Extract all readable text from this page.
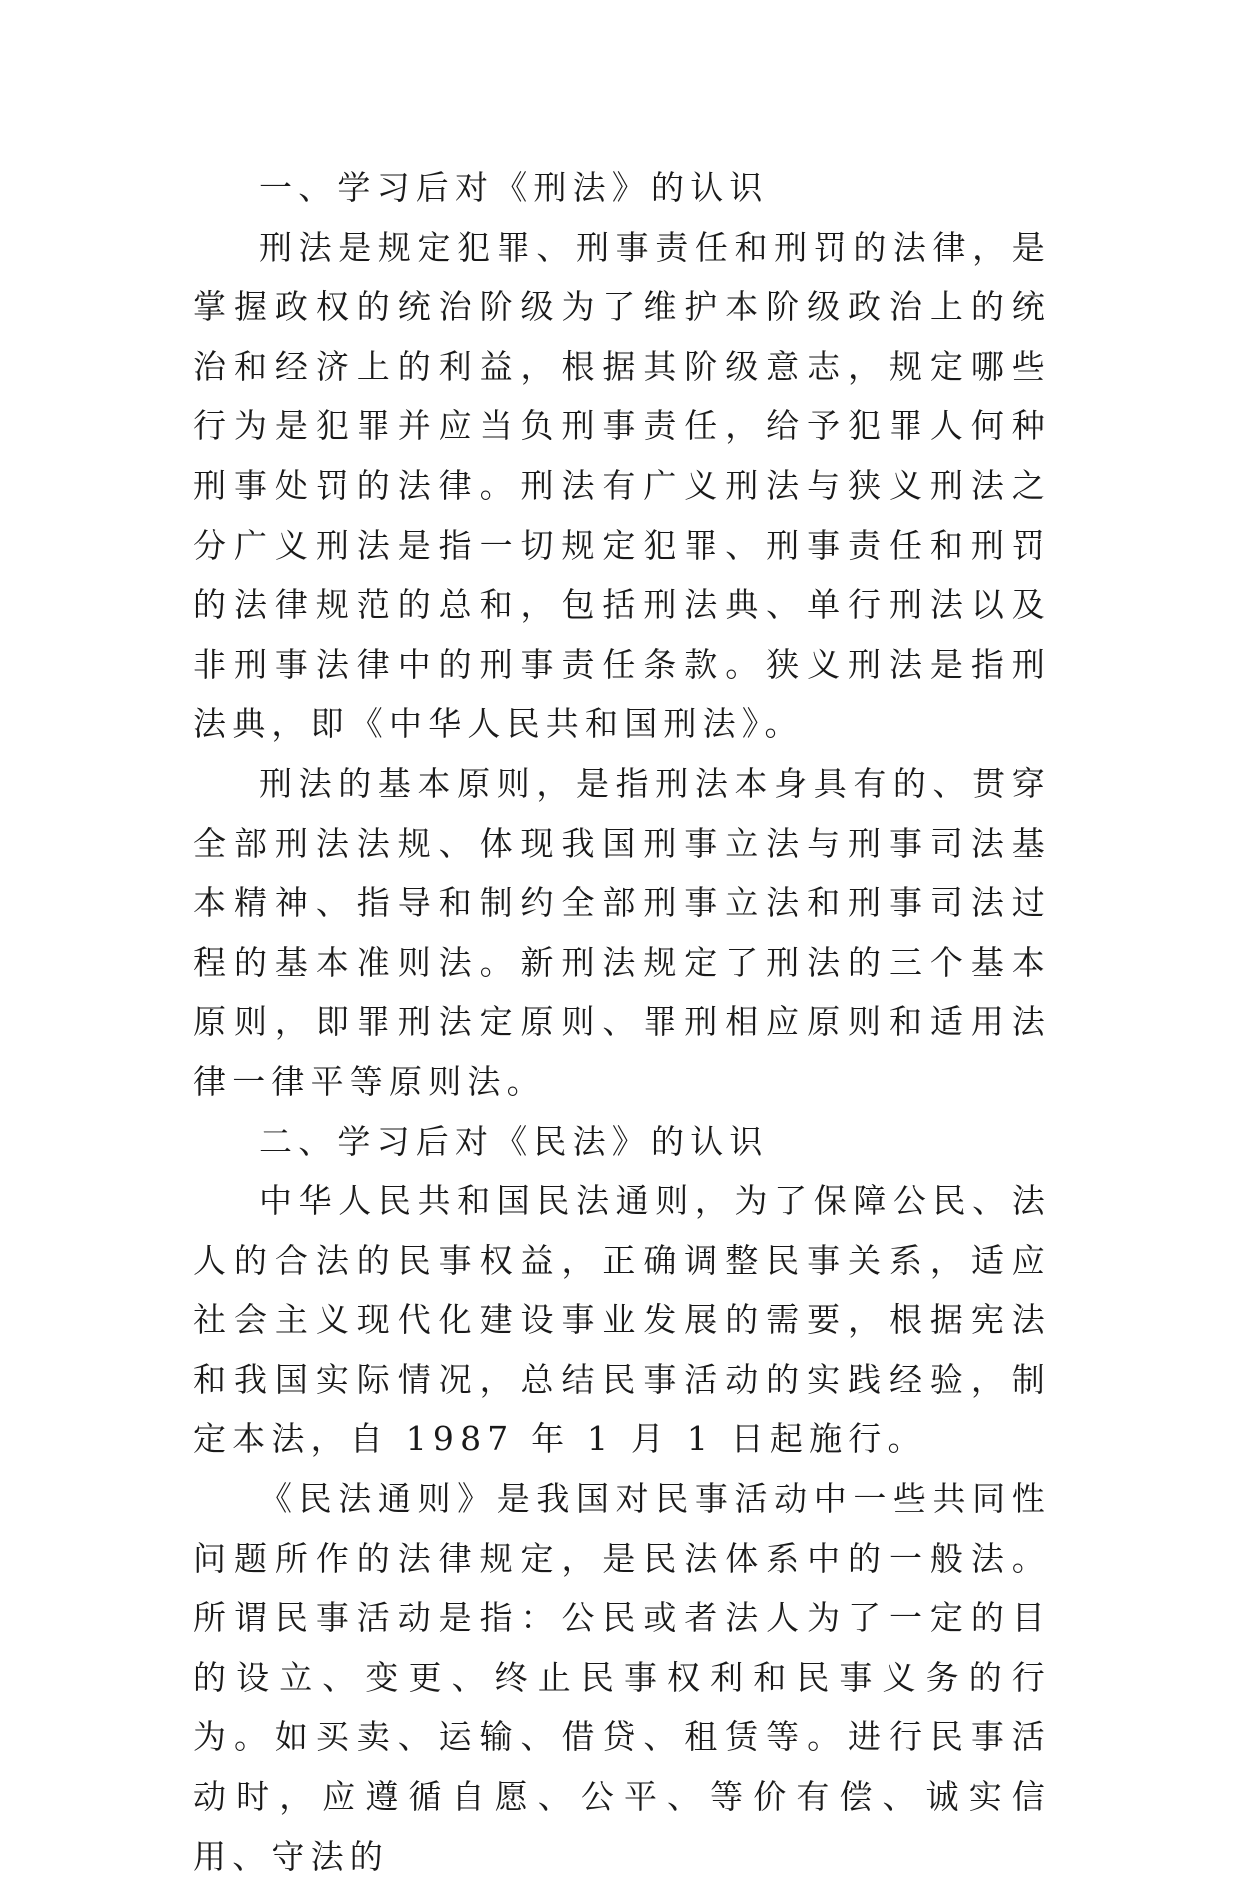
一、学习后对《刑法》的认识

刑法是规定犯罪、刑事责任和刑罚的法律，是掌握政权的统治阶级为了维护本阶级政治上的统治和经济上的利益，根据其阶级意志，规定哪些行为是犯罪并应当负刑事责任，给予犯罪人何种刑事处罚的法律。刑法有广义刑法与狭义刑法之分广义刑法是指一切规定犯罪、刑事责任和刑罚的法律规范的总和，包括刑法典、单行刑法以及非刑事法律中的刑事责任条款。狭义刑法是指刑法典，即《中华人民共和国刑法》。

刑法的基本原则，是指刑法本身具有的、贯穿全部刑法法规、体现我国刑事立法与刑事司法基本精神、指导和制约全部刑事立法和刑事司法过程的基本准则法。新刑法规定了刑法的三个基本原则，即罪刑法定原则、罪刑相应原则和适用法律一律平等原则法。

二、学习后对《民法》的认识

中华人民共和国民法通则，为了保障公民、法人的合法的民事权益，正确调整民事关系，适应社会主义现代化建设事业发展的需要，根据宪法和我国实际情况，总结民事活动的实践经验，制定本法，自 1987 年 1 月 1 日起施行。

《民法通则》是我国对民事活动中一些共同性问题所作的法律规定，是民法体系中的一般法。所谓民事活动是指：公民或者法人为了一定的目的设立、变更、终止民事权利和民事义务的行为。如买卖、运输、借贷、租赁等。进行民事活动时，应遵循自愿、公平、等价有偿、诚实信用、守法的
